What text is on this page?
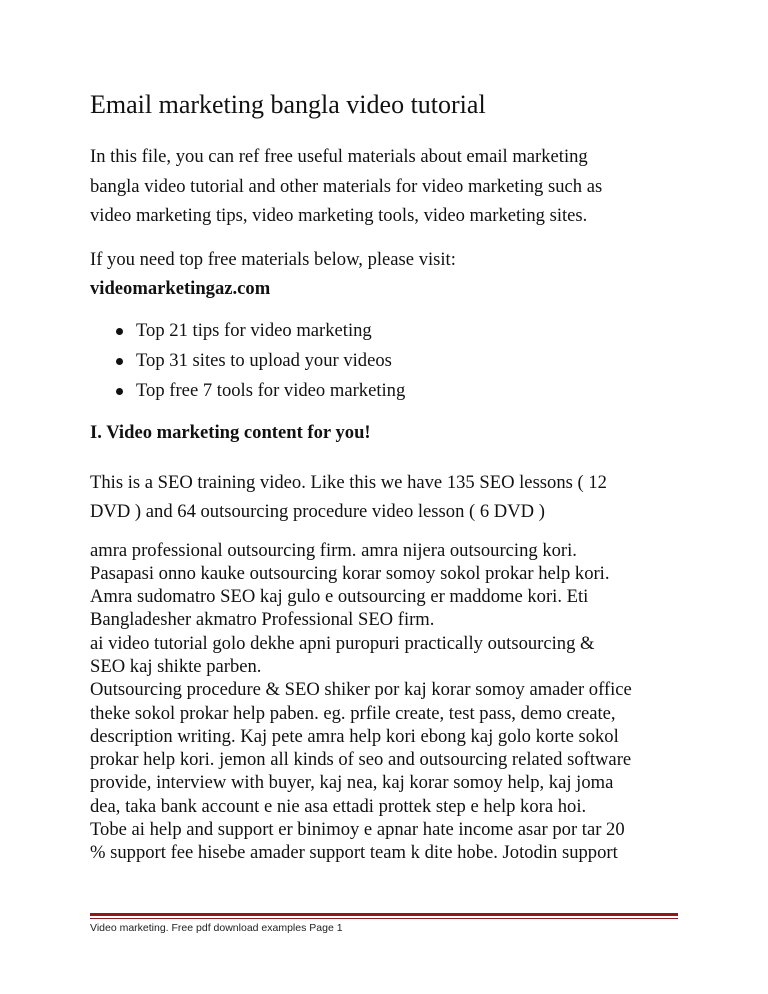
Email marketing bangla video tutorial

In this file, you can ref free useful materials about email marketing

bangla video tutorial and other materials for video marketing such as

video marketing tips, video marketing tools, video marketing sites.

If you need top free materials below, please visit:

videomarketingaz.com

Top 21 tips for video marketing
Top 31 sites to upload your videos
Top free 7 tools for video marketing
I. Video marketing content for you!

This is a SEO training video. Like this we have 135 SEO lessons ( 12

DVD ) and 64 outsourcing procedure video lesson ( 6 DVD )

amra professional outsourcing firm. amra nijera outsourcing kori.

Pasapasi onno kauke outsourcing korar somoy sokol prokar help kori.

Amra sudomatro SEO kaj gulo e outsourcing er maddome kori. Eti

Bangladesher akmatro Professional SEO firm.

ai video tutorial golo dekhe apni puropuri practically outsourcing &

SEO kaj shikte parben.

Outsourcing procedure & SEO shiker por kaj korar somoy amader office

theke sokol prokar help paben. eg. prfile create, test pass, demo create,

description writing. Kaj pete amra help kori ebong kaj golo korte sokol

prokar help kori. jemon all kinds of seo and outsourcing related software

provide, interview with buyer, kaj nea, kaj korar somoy help, kaj joma

dea, taka bank account e nie asa ettadi prottek step e help kora hoi.

Tobe ai help and support er binimoy e apnar hate income asar por tar 20

% support fee hisebe amader support team k dite hobe. Jotodin support

Video marketing. Free pdf download examples Page 1
